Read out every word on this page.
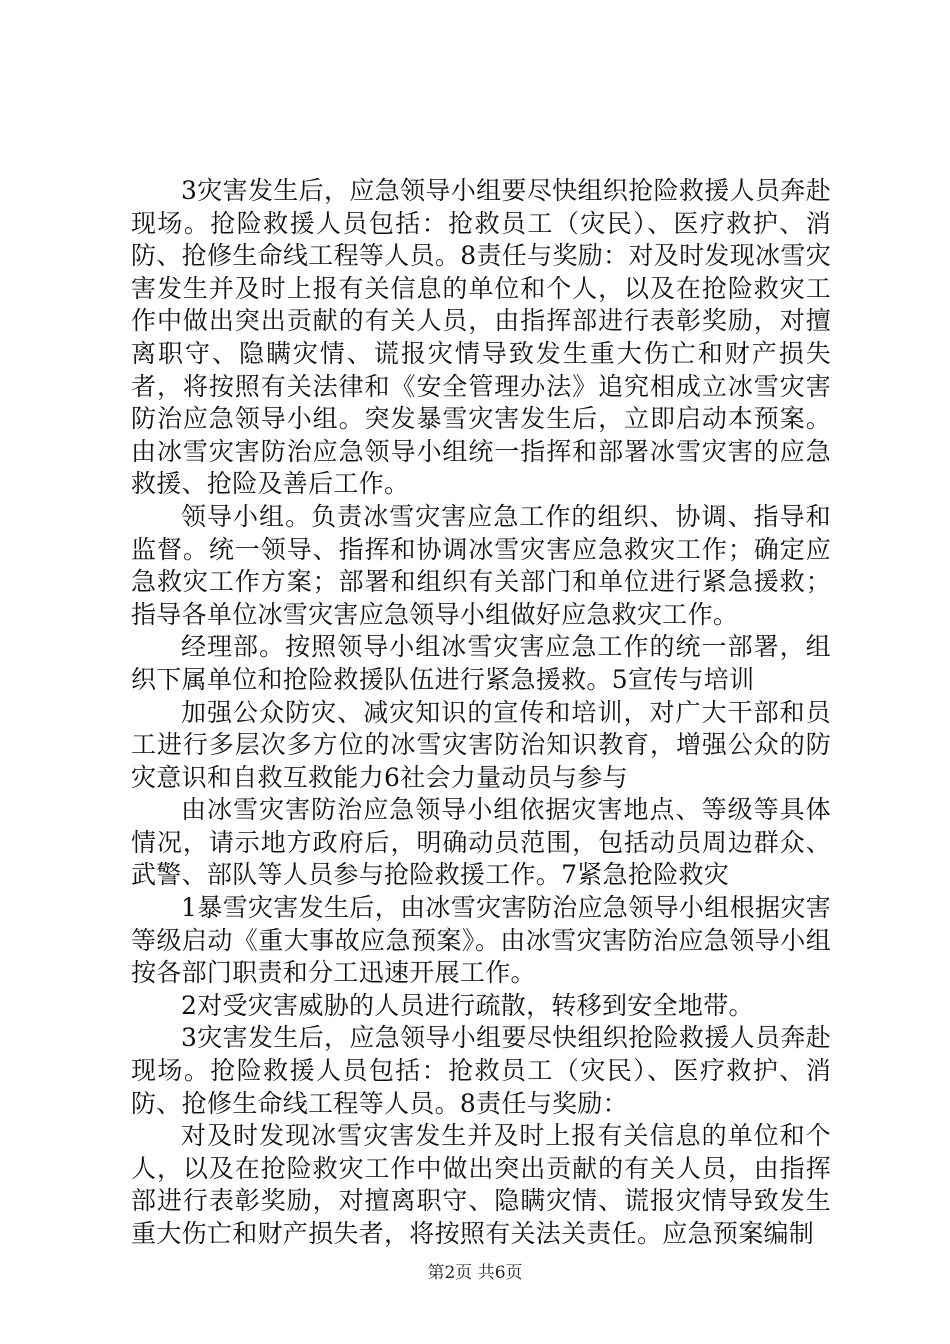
3灾害发生后，应急领导小组要尽快组织抢险救援人员奔赴现场。抢险救援人员包括：抢救员工（灾民）、医疗救护、消防、抢修生命线工程等人员。8责任与奖励：对及时发现冰雪灾害发生并及时上报有关信息的单位和个人，以及在抢险救灾工作中做出突出贡献的有关人员，由指挥部进行表彰奖励，对擅离职守、隐瞒灾情、谎报灾情导致发生重大伤亡和财产损失者，将按照有关法律和《安全管理办法》追究相成立冰雪灾害防治应急领导小组。突发暴雪灾害发生后，立即启动本预案。由冰雪灾害防治应急领导小组统一指挥和部署冰雪灾害的应急救援、抢险及善后工作。

领导小组。负责冰雪灾害应急工作的组织、协调、指导和监督。统一领导、指挥和协调冰雪灾害应急救灾工作；确定应急救灾工作方案；部署和组织有关部门和单位进行紧急援救；指导各单位冰雪灾害应急领导小组做好应急救灾工作。

经理部。按照领导小组冰雪灾害应急工作的统一部署，组织下属单位和抢险救援队伍进行紧急援救。5宣传与培训

加强公众防灾、减灾知识的宣传和培训，对广大干部和员工进行多层次多方位的冰雪灾害防治知识教育，增强公众的防灾意识和自救互救能力6社会力量动员与参与

由冰雪灾害防治应急领导小组依据灾害地点、等级等具体情况，请示地方政府后，明确动员范围，包括动员周边群众、武警、部队等人员参与抢险救援工作。7紧急抢险救灾

1暴雪灾害发生后，由冰雪灾害防治应急领导小组根据灾害等级启动《重大事故应急预案》。由冰雪灾害防治应急领导小组按各部门职责和分工迅速开展工作。

2对受灾害威胁的人员进行疏散，转移到安全地带。

3灾害发生后，应急领导小组要尽快组织抢险救援人员奔赴现场。抢险救援人员包括：抢救员工（灾民）、医疗救护、消防、抢修生命线工程等人员。8责任与奖励：

对及时发现冰雪灾害发生并及时上报有关信息的单位和个人，以及在抢险救灾工作中做出突出贡献的有关人员，由指挥部进行表彰奖励，对擅离职守、隐瞒灾情、谎报灾情导致发生重大伤亡和财产损失者，将按照有关法关责任。应急预案编制

第2页 共6页
